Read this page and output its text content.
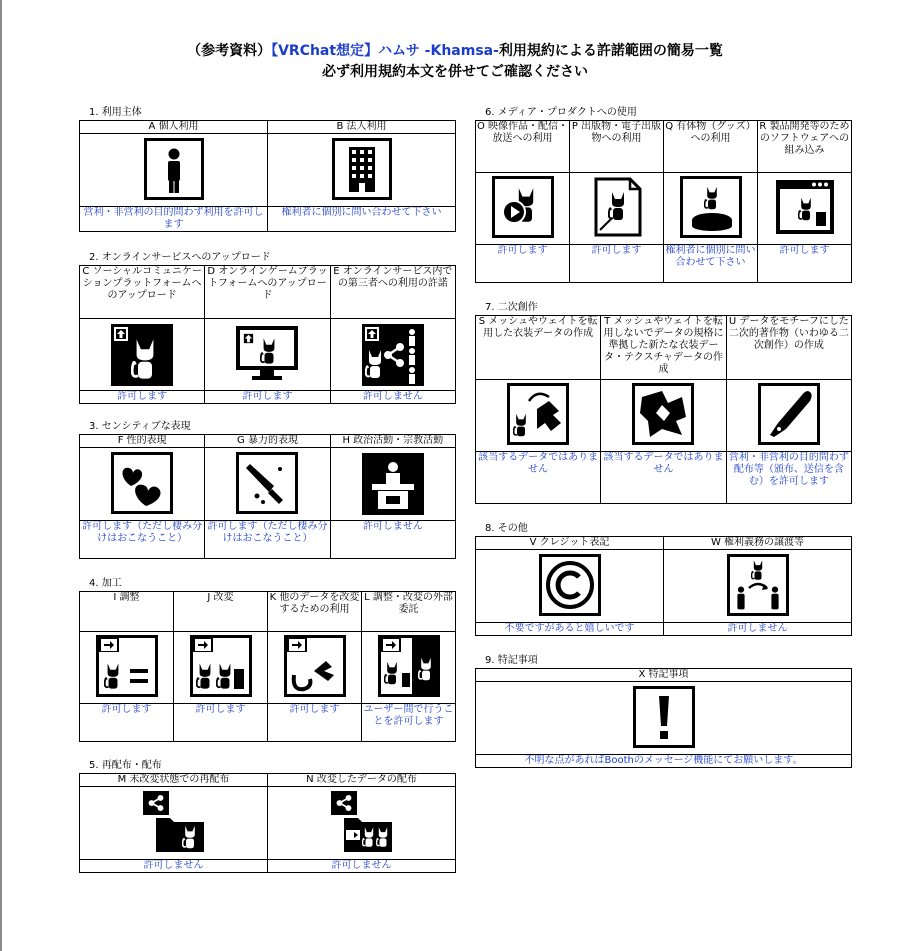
（参考資料）【VRChat想定】ハムサ -Khamsa-利用規約による許諾範囲の簡易一覧
必ず利用規約本文を併せてご確認ください
1. 利用主体
A 個人利用	B 法人利用

営利・非営利の目的問わず利用を許可します	権利者に個別に問い合わせて下さい
2. オンラインサービスへのアップロード
C ソーシャルコミュニケーションプラットフォームへのアップロード	D オンラインゲームプラットフォームへのアップロード	E オンラインサービス内での第三者への利用の許諾

許可します	許可します	許可しません
3. センシティブな表現
F 性的表現	G 暴力的表現	H 政治活動・宗教活動

許可します（ただし棲み分けはおこなうこと）	許可します（ただし棲み分けはおこなうこと）	許可しません
4. 加工
I 調整	J 改変	K 他のデータを改変するための利用	L 調整・改変の外部委託

許可します	許可します	許可します	ユーザー間で行うことを許可します
5. 再配布・配布
M 未改変状態での再配布	N 改変したデータの配布

許可しません	許可しません
6. メディア・プロダクトへの使用
O 映像作品・配信・放送への利用	P 出版物・電子出版物への利用	Q 有体物（グッズ）への利用	R 製品開発等のためのソフトウェアへの組み込み

許可します	許可します	権利者に個別に問い合わせて下さい	許可します
7. 二次創作
S メッシュやウェイトを転用した衣装データの作成	T メッシュやウェイトを転用しないでデータの規格に準拠した新たな衣装データ・テクスチャデータの作成	U データをモチーフにした二次的著作物（いわゆる二次創作）の作成

該当するデータではありません	該当するデータではありません	営利・非営利の目的問わず配布等（頒布、送信を含む）を許可します
8. その他
V クレジット表記	W 権利義務の譲渡等

不要ですがあると嬉しいです	許可しません
9. 特記事項
X 特記事項

不明な点があればBoothのメッセージ機能にてお願いします。
